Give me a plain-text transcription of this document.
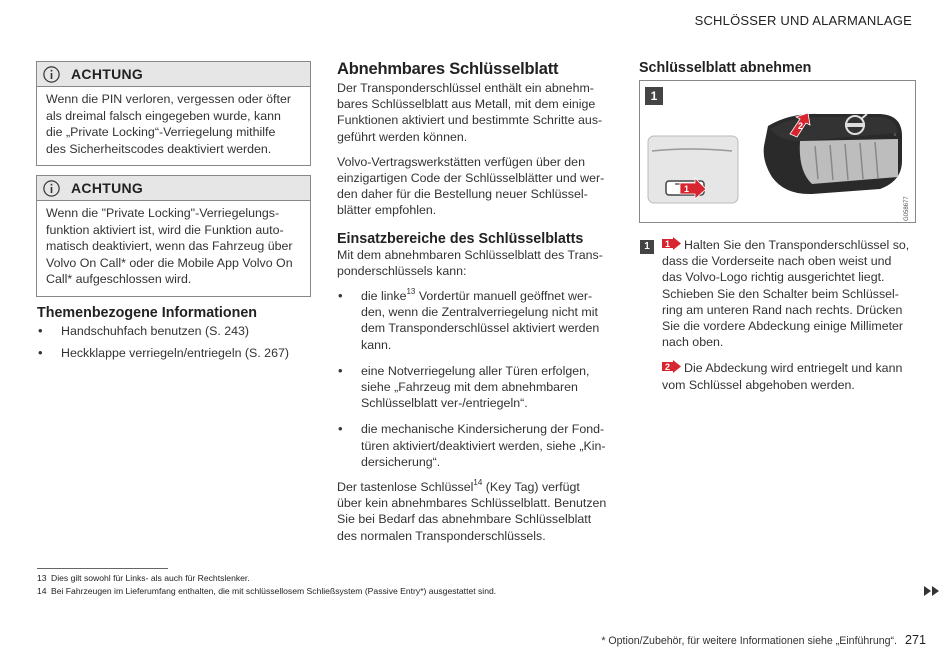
SCHLÖSSER UND ALARMANLAGE
ACHTUNG
Wenn die PIN verloren, vergessen oder öfter
als dreimal falsch eingegeben wurde, kann
die „Private Locking“-Verriegelung mithilfe
des Sicherheitscodes deaktiviert werden.
ACHTUNG
Wenn die "Private Locking"-Verriegelungs-
funktion aktiviert ist, wird die Funktion auto-
matisch deaktiviert, wenn das Fahrzeug über
Volvo On Call* oder die Mobile App Volvo On
Call* aufgeschlossen wird.
Themenbezogene Informationen
• Handschuhfach benutzen (S. 243)
• Heckklappe verriegeln/entriegeln (S. 267)
Abnehmbares Schlüsselblatt
Der Transponderschlüssel enthält ein abnehm-
bares Schlüsselblatt aus Metall, mit dem einige
Funktionen aktiviert und bestimmte Schritte aus-
geführt werden können.
Volvo-Vertragswerkstätten verfügen über den
einzigartigen Code der Schlüsselblätter und wer-
den daher für die Bestellung neuer Schlüssel-
blätter empfohlen.
Einsatzbereiche des Schlüsselblatts
Mit dem abnehmbaren Schlüsselblatt des Trans-
ponderschlüssels kann:
• die linke$^{13}$ Vordertür manuell geöffnet wer-
den, wenn die Zentralverriegelung nicht mit
dem Transponderschlüssel aktiviert werden
kann.
• eine Notverriegelung aller Türen erfolgen,
siehe „Fahrzeug mit dem abnehmbaren
Schlüsselblatt ver-/entriegeln“.
• die mechanische Kindersicherung der Fond-
türen aktiviert/deaktiviert werden, siehe „Kin-
dersicherung“.
Der tastenlose Schlüssel$^{14}$ (Key Tag) verfügt
über kein abnehmbares Schlüsselblatt. Benutzen
Sie bei Bedarf das abnehmbare Schlüsselblatt
des normalen Transponderschlüssels.
Schlüsselblatt abnehmen
1
2
1
G058677
1	1 Halten Sie den Transponderschlüssel so,
dass die Vorderseite nach oben weist und
das Volvo-Logo richtig ausgerichtet liegt.
Schieben Sie den Schalter beim Schlüssel-
ring am unteren Rand nach rechts. Drücken
Sie die vordere Abdeckung einige Millimeter
nach oben.
2 Die Abdeckung wird entriegelt und kann
vom Schlüssel abgehoben werden.
13 Dies gilt sowohl für Links- als auch für Rechtslenker.
14 Bei Fahrzeugen im Lieferumfang enthalten, die mit schlüssellosem Schließsystem (Passive Entry*) ausgestattet sind.
* Option/Zubehör, für weitere Informationen siehe „Einführung“. 271
